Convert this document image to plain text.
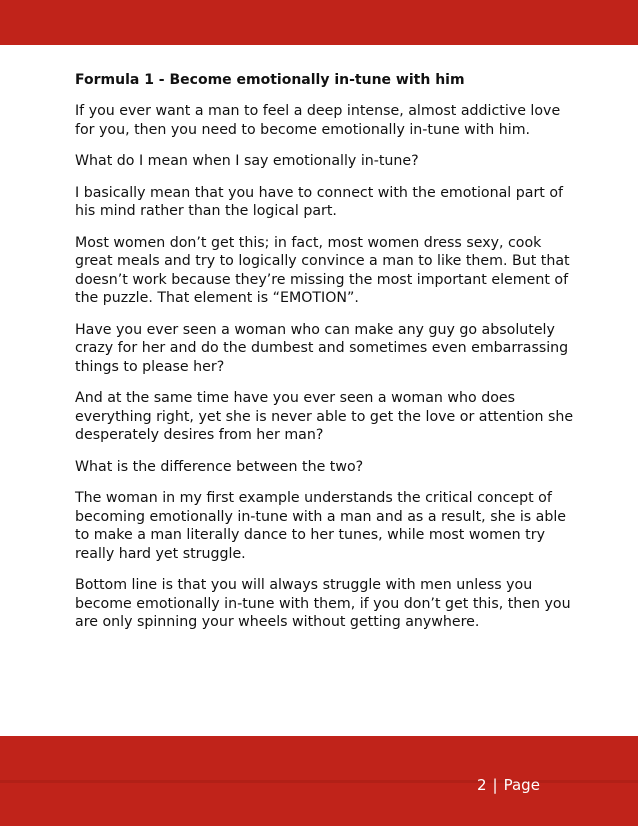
Formula 1 - Become emotionally in-tune with him

If you ever want a man to feel a deep intense, almost addictive love for you, then you need to become emotionally in-tune with him.

What do I mean when I say emotionally in-tune?

I basically mean that you have to connect with the emotional part of his mind rather than the logical part.

Most women don’t get this; in fact, most women dress sexy, cook great meals and try to logically convince a man to like them. But that doesn’t work because they’re missing the most important element of the puzzle. That element is “EMOTION”.

Have you ever seen a woman who can make any guy go absolutely crazy for her and do the dumbest and sometimes even embarrassing things to please her?

And at the same time have you ever seen a woman who does everything right, yet she is never able to get the love or attention she desperately desires from her man?

What is the difference between the two?

The woman in my first example understands the critical concept of becoming emotionally in-tune with a man and as a result, she is able to make a man literally dance to her tunes, while most women try really hard yet struggle.

Bottom line is that you will always struggle with men unless you become emotionally in-tune with them, if you don’t get this, then you are only spinning your wheels without getting anywhere.

2 | Page
